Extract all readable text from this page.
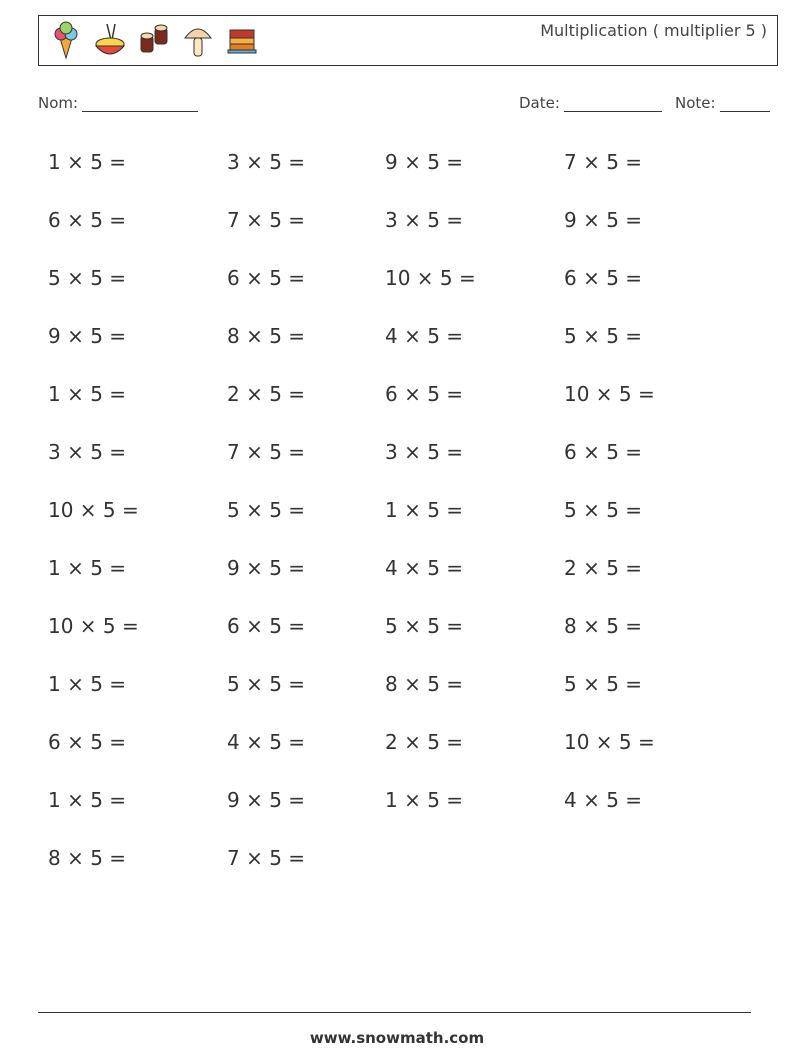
Multiplication ( multiplier 5 )
Nom:	Date:	Note:
1 × 5 =	3 × 5 =	9 × 5 =	7 × 5 =
6 × 5 =	7 × 5 =	3 × 5 =	9 × 5 =
5 × 5 =	6 × 5 =	10 × 5 =	6 × 5 =
9 × 5 =	8 × 5 =	4 × 5 =	5 × 5 =
1 × 5 =	2 × 5 =	6 × 5 =	10 × 5 =
3 × 5 =	7 × 5 =	3 × 5 =	6 × 5 =
10 × 5 =	5 × 5 =	1 × 5 =	5 × 5 =
1 × 5 =	9 × 5 =	4 × 5 =	2 × 5 =
10 × 5 =	6 × 5 =	5 × 5 =	8 × 5 =
1 × 5 =	5 × 5 =	8 × 5 =	5 × 5 =
6 × 5 =	4 × 5 =	2 × 5 =	10 × 5 =
1 × 5 =	9 × 5 =	1 × 5 =	4 × 5 =
8 × 5 =	7 × 5 =
www.snowmath.com
